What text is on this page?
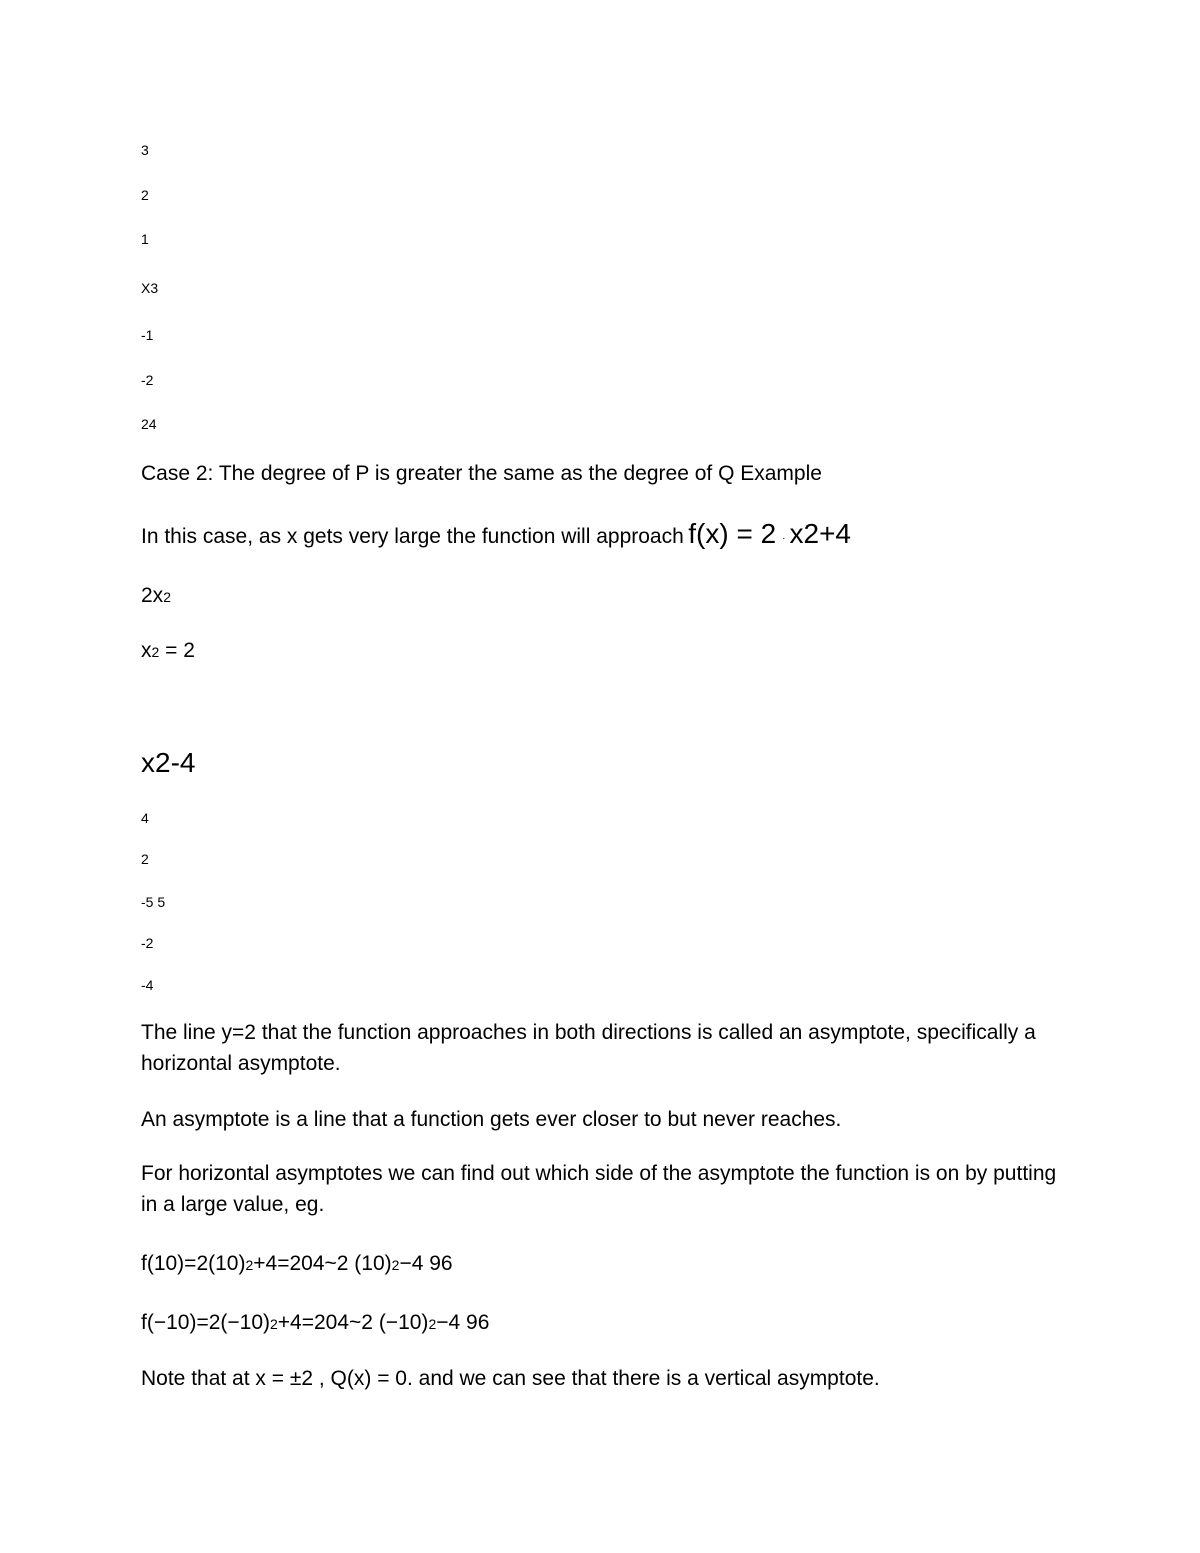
3
2
1
X3
-1
-2
24
Case 2: The degree of P is greater the same as the degree of Q Example
In this case, as x gets very large the function will approach f(x) = 2 · x2+4
2x2
x2 = 2
x2-4
4
2
-5 5
-2
-4
The line y=2 that the function approaches in both directions is called an asymptote, specifically a horizontal asymptote.
An asymptote is a line that a function gets ever closer to but never reaches.
For horizontal asymptotes we can find out which side of the asymptote the function is on by putting in a large value, eg.
f(10)=2(10)2+4=204~2 (10)2−4 96
f(−10)=2(−10)2+4=204~2 (−10)2−4 96
Note that at x = ±2 , Q(x) = 0. and we can see that there is a vertical asymptote.
